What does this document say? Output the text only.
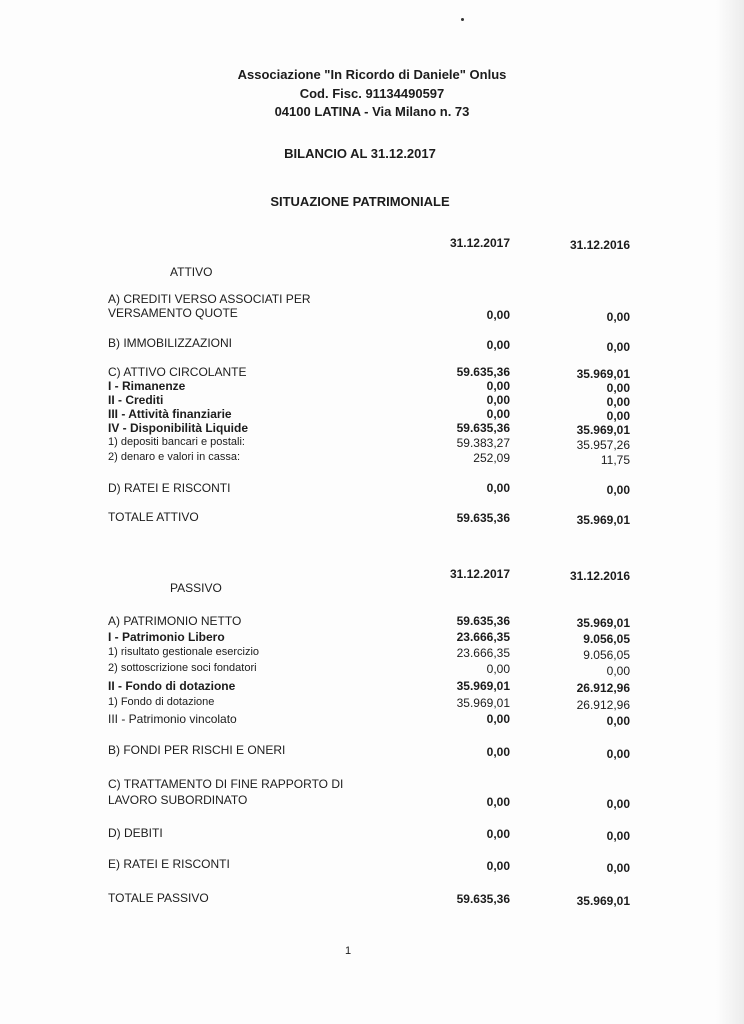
Associazione "In Ricordo di Daniele" Onlus
Cod. Fisc. 91134490597
04100 LATINA - Via Milano n. 73
BILANCIO AL 31.12.2017
SITUAZIONE PATRIMONIALE
31.12.2017	31.12.2016
ATTIVO
A) CREDITI VERSO ASSOCIATI PER
VERSAMENTO QUOTE	0,00	0,00
B) IMMOBILIZZAZIONI	0,00	0,00
C) ATTIVO CIRCOLANTE	59.635,36	35.969,01
I - Rimanenze	0,00	0,00
II - Crediti	0,00	0,00
III - Attività finanziarie	0,00	0,00
IV - Disponibilità Liquide	59.635,36	35.969,01
1) depositi bancari e postali:	59.383,27	35.957,26
2) denaro e valori in cassa:	252,09	11,75
D) RATEI E RISCONTI	0,00	0,00
TOTALE ATTIVO	59.635,36	35.969,01
31.12.2017	31.12.2016
PASSIVO
A) PATRIMONIO NETTO	59.635,36	35.969,01
I - Patrimonio Libero	23.666,35	9.056,05
1) risultato gestionale esercizio	23.666,35	9.056,05
2) sottoscrizione soci fondatori	0,00	0,00
II - Fondo di dotazione	35.969,01	26.912,96
1) Fondo di dotazione	35.969,01	26.912,96
III - Patrimonio vincolato	0,00	0,00
B) FONDI PER RISCHI E ONERI	0,00	0,00
C) TRATTAMENTO DI FINE RAPPORTO DI
LAVORO SUBORDINATO	0,00	0,00
D) DEBITI	0,00	0,00
E) RATEI E RISCONTI	0,00	0,00
TOTALE PASSIVO	59.635,36	35.969,01
1
